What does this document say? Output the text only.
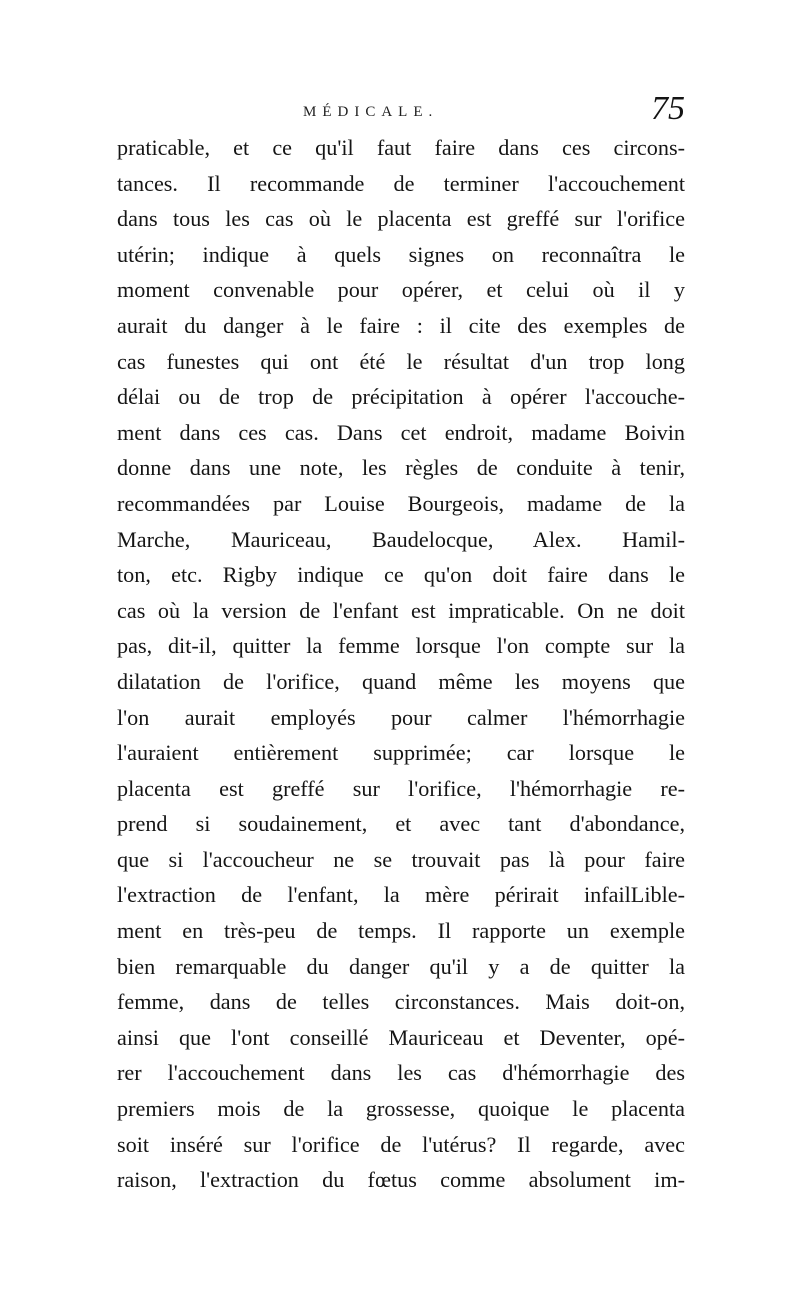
MÉDICALE.	75
praticable, et ce qu'il faut faire dans ces circons-
tances. Il recommande de terminer l'accouchement
dans tous les cas où le placenta est greffé sur l'orifice
utérin; indique à quels signes on reconnaîtra le
moment convenable pour opérer, et celui où il y
aurait du danger à le faire : il cite des exemples de
cas funestes qui ont été le résultat d'un trop long
délai ou de trop de précipitation à opérer l'accouche-
ment dans ces cas. Dans cet endroit, madame Boivin
donne dans une note, les règles de conduite à tenir,
recommandées par Louise Bourgeois, madame de la
Marche, Mauriceau, Baudelocque, Alex. Hamil-
ton, etc. Rigby indique ce qu'on doit faire dans le
cas où la version de l'enfant est impraticable. On ne doit
pas, dit-il, quitter la femme lorsque l'on compte sur la
dilatation de l'orifice, quand même les moyens que
l'on aurait employés pour calmer l'hémorrhagie
l'auraient entièrement supprimée; car lorsque le
placenta est greffé sur l'orifice, l'hémorrhagie re-
prend si soudainement, et avec tant d'abondance,
que si l'accoucheur ne se trouvait pas là pour faire
l'extraction de l'enfant, la mère périrait infailLible-
ment en très-peu de temps. Il rapporte un exemple
bien remarquable du danger qu'il y a de quitter la
femme, dans de telles circonstances. Mais doit-on,
ainsi que l'ont conseillé Mauriceau et Deventer, opé-
rer l'accouchement dans les cas d'hémorrhagie des
premiers mois de la grossesse, quoique le placenta
soit inséré sur l'orifice de l'utérus? Il regarde, avec
raison, l'extraction du fœtus comme absolument im-
